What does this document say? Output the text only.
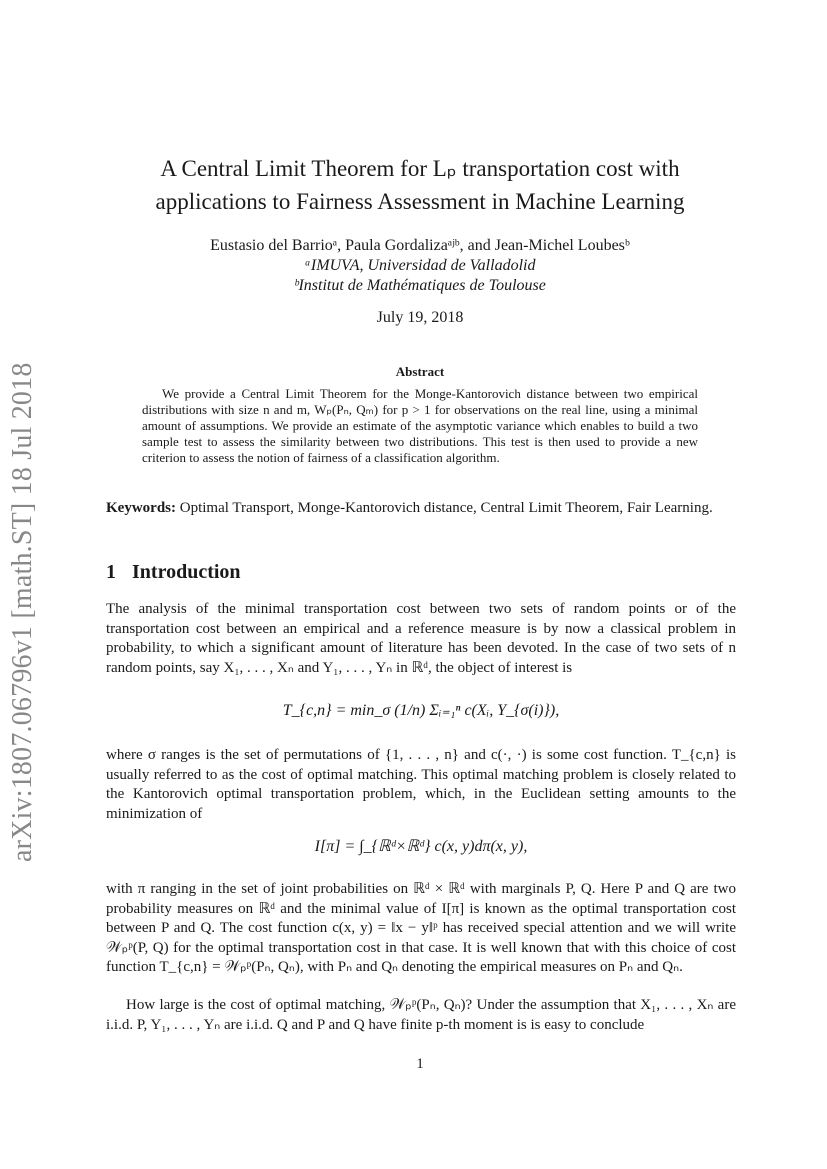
arXiv:1807.06796v1 [math.ST] 18 Jul 2018
A Central Limit Theorem for Lₚ transportation cost with
applications to Fairness Assessment in Machine Learning
Eustasio del Barrioᵃ, Paula Gordalizaᵃʲᵇ, and Jean-Michel Loubesᵇ
ᵃIMUVA, Universidad de Valladolid
ᵇInstitut de Mathématiques de Toulouse
July 19, 2018
Abstract
We provide a Central Limit Theorem for the Monge-Kantorovich distance between two empirical distributions with size n and m, Wₚ(Pₙ, Qₘ) for p > 1 for observations on the real line, using a minimal amount of assumptions. We provide an estimate of the asymptotic variance which enables to build a two sample test to assess the similarity between two distributions. This test is then used to provide a new criterion to assess the notion of fairness of a classification algorithm.
Keywords: Optimal Transport, Monge-Kantorovich distance, Central Limit Theorem, Fair Learning.
1 Introduction

The analysis of the minimal transportation cost between two sets of random points or of the transportation cost between an empirical and a reference measure is by now a classical problem in probability, to which a significant amount of literature has been devoted. In the case of two sets of n random points, say X₁, . . . , Xₙ and Y₁, . . . , Yₙ in ℝᵈ, the object of interest is

T_{c,n} = min_σ (1/n) Σᵢ₌₁ⁿ c(Xᵢ, Y_{σ(i)}),

where σ ranges is the set of permutations of {1, . . . , n} and c(·, ·) is some cost function. T_{c,n} is usually referred to as the cost of optimal matching. This optimal matching problem is closely related to the Kantorovich optimal transportation problem, which, in the Euclidean setting amounts to the minimization of

I[π] = ∫_{ℝᵈ×ℝᵈ} c(x, y)dπ(x, y),

with π ranging in the set of joint probabilities on ℝᵈ × ℝᵈ with marginals P, Q. Here P and Q are two probability measures on ℝᵈ and the minimal value of I[π] is known as the optimal transportation cost between P and Q. The cost function c(x, y) = ‖x − y‖ᵖ has received special attention and we will write 𝒲ₚᵖ(P, Q) for the optimal transportation cost in that case. It is well known that with this choice of cost function T_{c,n} = 𝒲ₚᵖ(Pₙ, Qₙ), with Pₙ and Qₙ denoting the empirical measures on Pₙ and Qₙ.

How large is the cost of optimal matching, 𝒲ₚᵖ(Pₙ, Qₙ)? Under the assumption that X₁, . . . , Xₙ are i.i.d. P, Y₁, . . . , Yₙ are i.i.d. Q and P and Q have finite p-th moment is is easy to conclude

1
